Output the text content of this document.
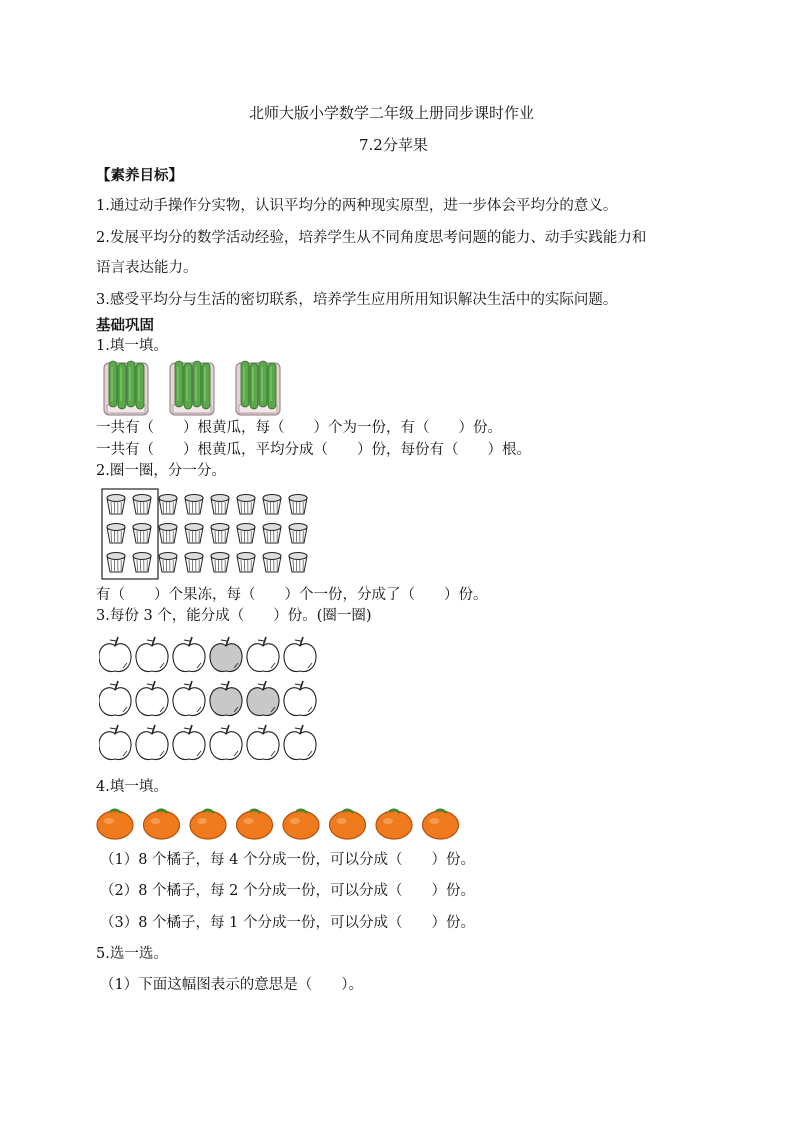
北师大版小学数学二年级上册同步课时作业

7.2分苹果

【素养目标】

1.通过动手操作分实物，认识平均分的两种现实原型，进一步体会平均分的意义。

2.发展平均分的数学活动经验，培养学生从不同角度思考问题的能力、动手实践能力和

语言表达能力。

3.感受平均分与生活的密切联系，培养学生应用所用知识解决生活中的实际问题。

基础巩固

1.填一填。

一共有（　　）根黄瓜，每（　　）个为一份，有（　　）份。

一共有（　　）根黄瓜，平均分成（　　）份，每份有（　　）根。

2.圈一圈，分一分。

有（　　）个果冻，每（　　）个一份，分成了（　　）份。

3.每份 3 个，能分成（　　）份。(圈一圈)

4.填一填。

（1）8 个橘子，每 4 个分成一份，可以分成（　　）份。

（2）8 个橘子，每 2 个分成一份，可以分成（　　）份。

（3）8 个橘子，每 1 个分成一份，可以分成（　　）份。

5.选一选。

（1）下面这幅图表示的意思是（　　）。
